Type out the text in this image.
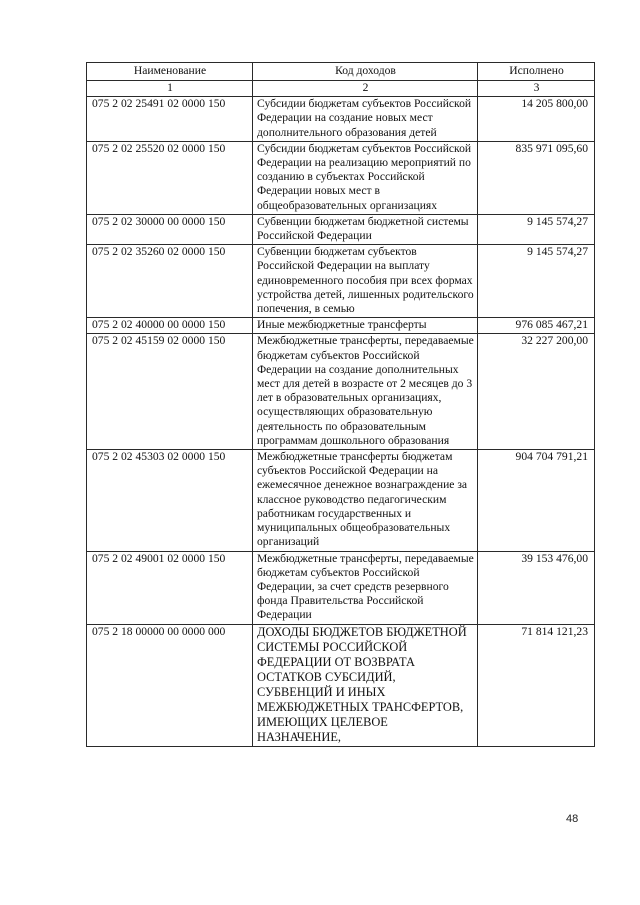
Наименование	Код доходов	Исполнено
1	2	3
075 2 02 25491 02 0000 150	Субсидии бюджетам субъектов Российской Федерации на создание новых мест дополнительного образования детей	14 205 800,00
075 2 02 25520 02 0000 150	Субсидии бюджетам субъектов Российской Федерации на реализацию мероприятий по созданию в субъектах Российской Федерации новых мест в общеобразовательных организациях	835 971 095,60
075 2 02 30000 00 0000 150	Субвенции бюджетам бюджетной системы Российской Федерации	9 145 574,27
075 2 02 35260 02 0000 150	Субвенции бюджетам субъектов Российской Федерации на выплату единовременного пособия при всех формах устройства детей, лишенных родительского попечения, в семью	9 145 574,27
075 2 02 40000 00 0000 150	Иные межбюджетные трансферты	976 085 467,21
075 2 02 45159 02 0000 150	Межбюджетные трансферты, передаваемые бюджетам субъектов Российской Федерации на создание дополнительных мест для детей в возрасте от 2 месяцев до 3 лет в образовательных организациях, осуществляющих образовательную деятельность по образовательным программам дошкольного образования	32 227 200,00
075 2 02 45303 02 0000 150	Межбюджетные трансферты бюджетам субъектов Российской Федерации на ежемесячное денежное вознаграждение за классное руководство педагогическим работникам государственных и муниципальных общеобразовательных организаций	904 704 791,21
075 2 02 49001 02 0000 150	Межбюджетные трансферты, передаваемые бюджетам субъектов Российской Федерации, за счет средств резервного фонда Правительства Российской Федерации	39 153 476,00
075 2 18 00000 00 0000 000	ДОХОДЫ БЮДЖЕТОВ БЮДЖЕТНОЙ СИСТЕМЫ РОССИЙСКОЙ ФЕДЕРАЦИИ ОТ ВОЗВРАТА ОСТАТКОВ СУБСИДИЙ, СУБВЕНЦИЙ И ИНЫХ МЕЖБЮДЖЕТНЫХ ТРАНСФЕРТОВ, ИМЕЮЩИХ ЦЕЛЕВОЕ НАЗНАЧЕНИЕ,	71 814 121,23
48
